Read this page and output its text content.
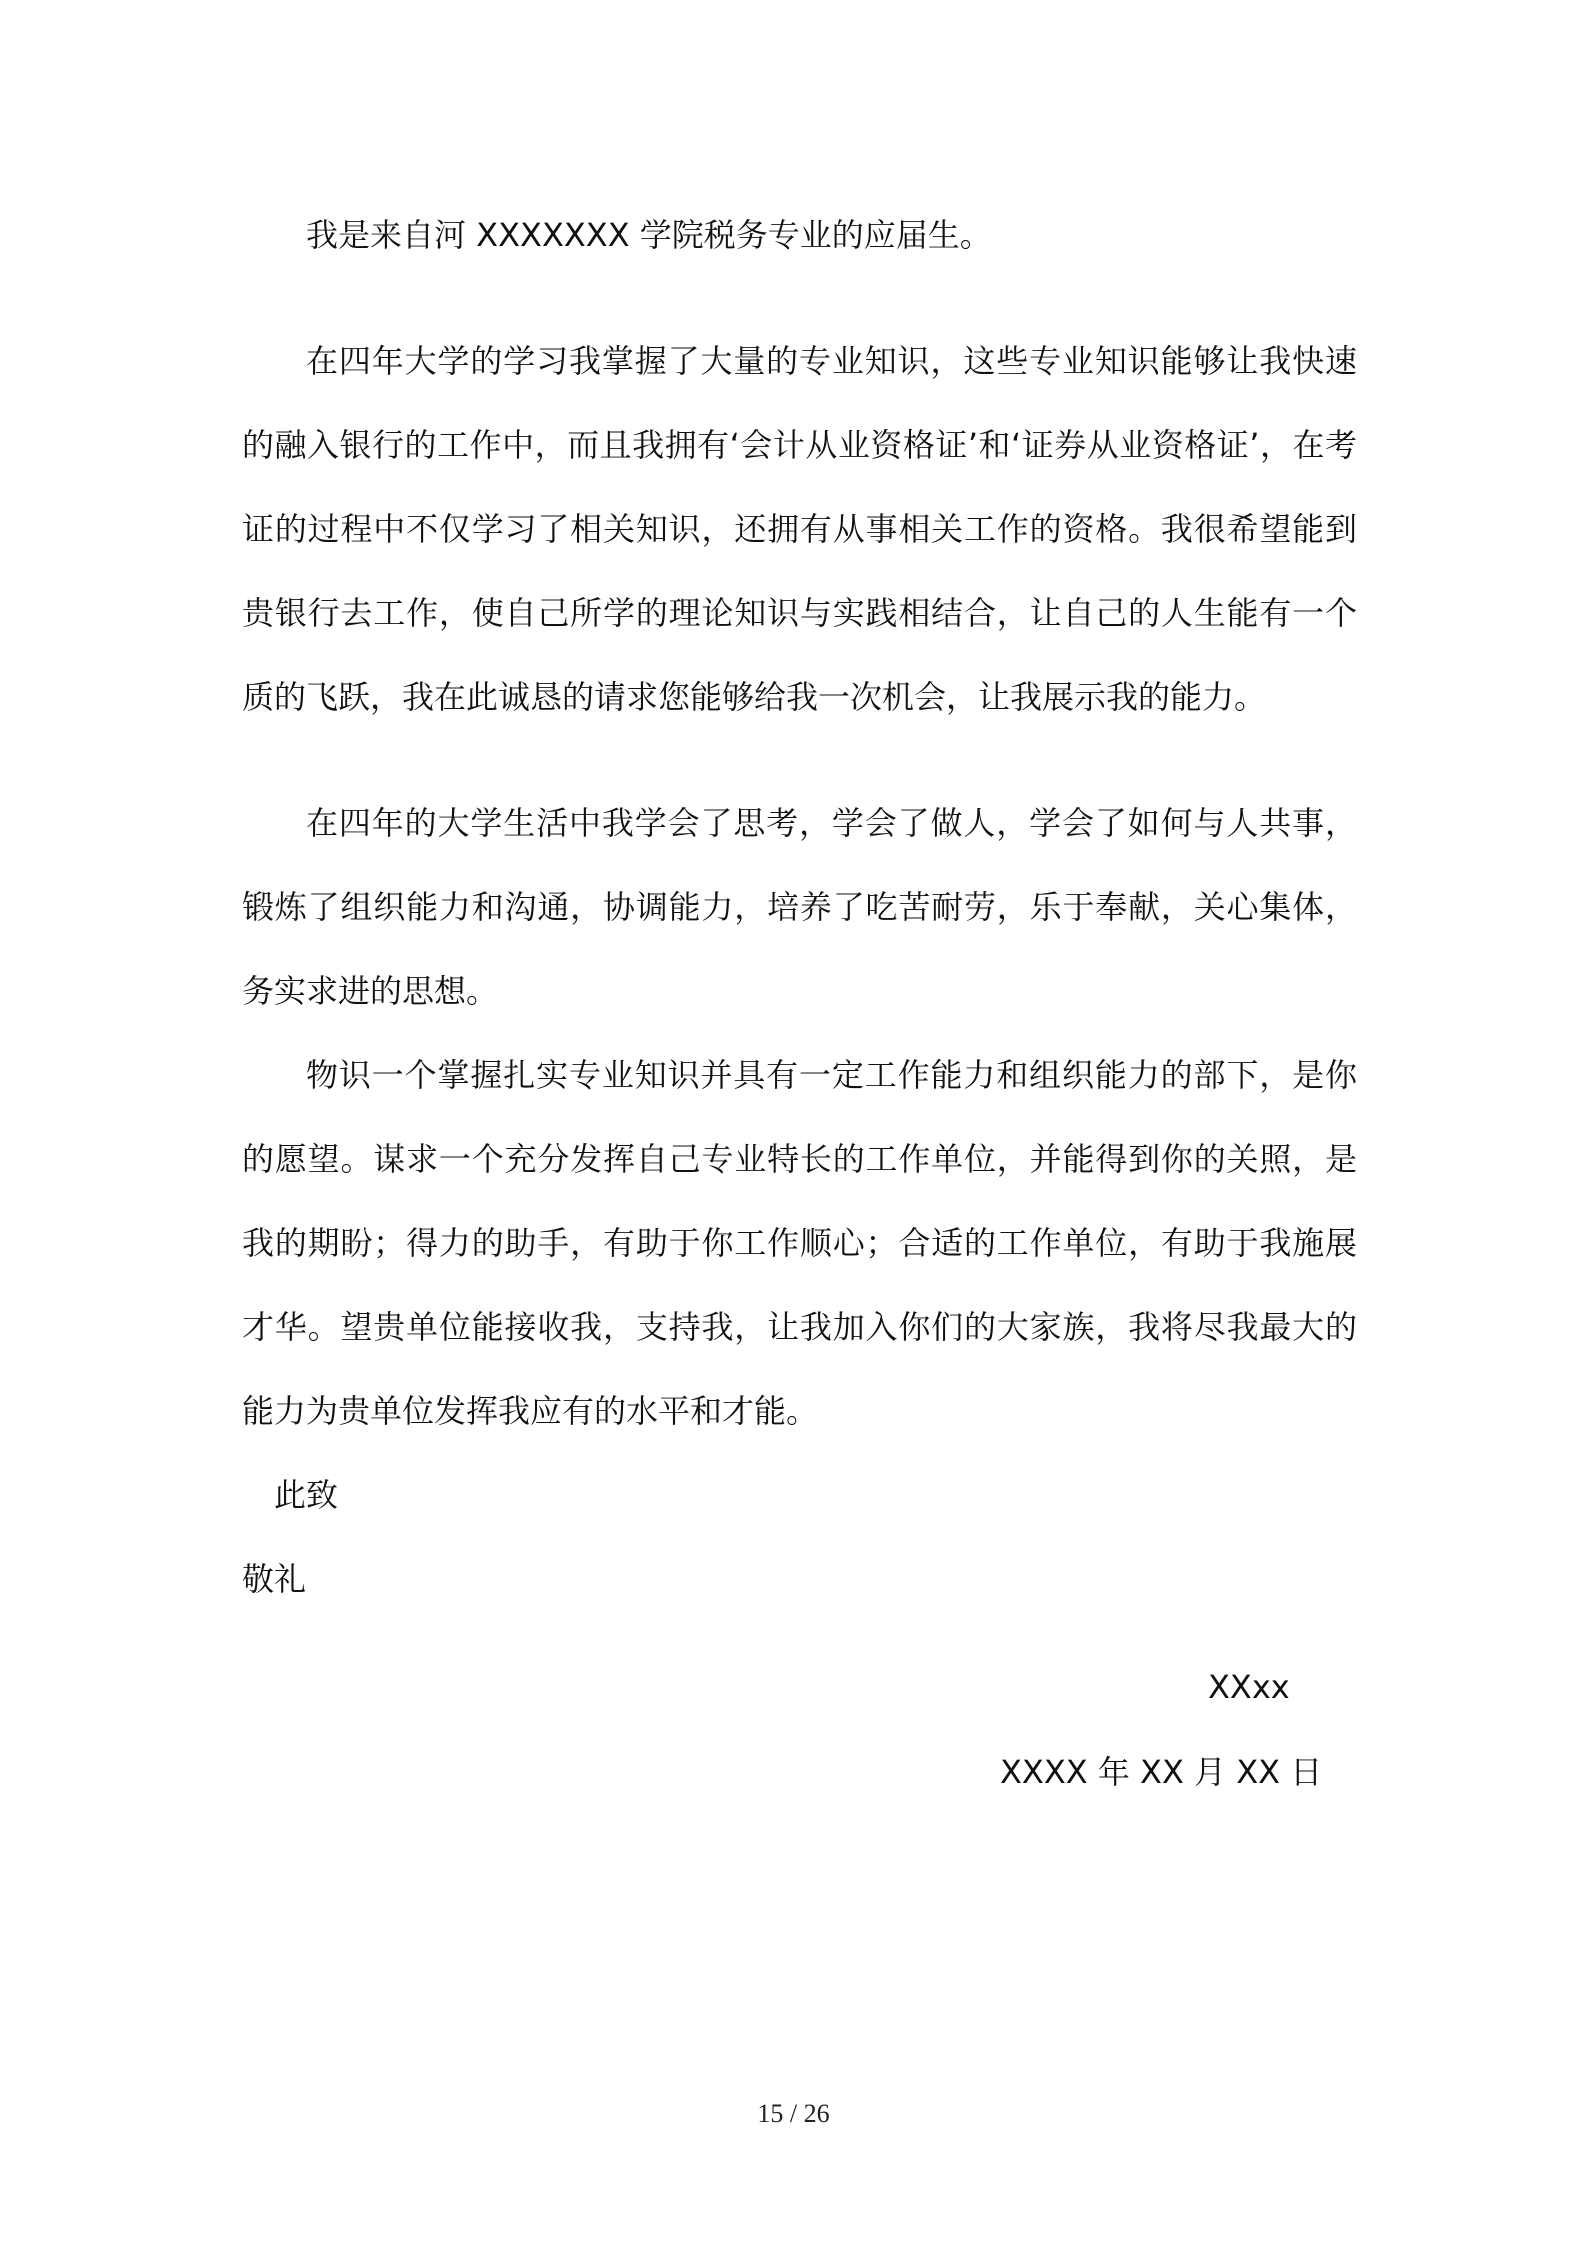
我是来自河 XXXXXXX 学院税务专业的应届生。

在四年大学的学习我掌握了大量的专业知识，这些专业知识能够让我快速的融入银行的工作中，而且我拥有‘会计从业资格证’和‘证券从业资格证’，在考证的过程中不仅学习了相关知识，还拥有从事相关工作的资格。我很希望能到贵银行去工作，使自己所学的理论知识与实践相结合，让自己的人生能有一个质的飞跃，我在此诚恳的请求您能够给我一次机会，让我展示我的能力。

在四年的大学生活中我学会了思考，学会了做人，学会了如何与人共事，锻炼了组织能力和沟通，协调能力，培养了吃苦耐劳，乐于奉献，关心集体，务实求进的思想。

物识一个掌握扎实专业知识并具有一定工作能力和组织能力的部下，是你的愿望。谋求一个充分发挥自己专业特长的工作单位，并能得到你的关照，是我的期盼；得力的助手，有助于你工作顺心；合适的工作单位，有助于我施展才华。望贵单位能接收我，支持我，让我加入你们的大家族，我将尽我最大的能力为贵单位发挥我应有的水平和才能。

此致

敬礼

XXxx
XXXX 年 XX 月 XX 日
15 / 26
